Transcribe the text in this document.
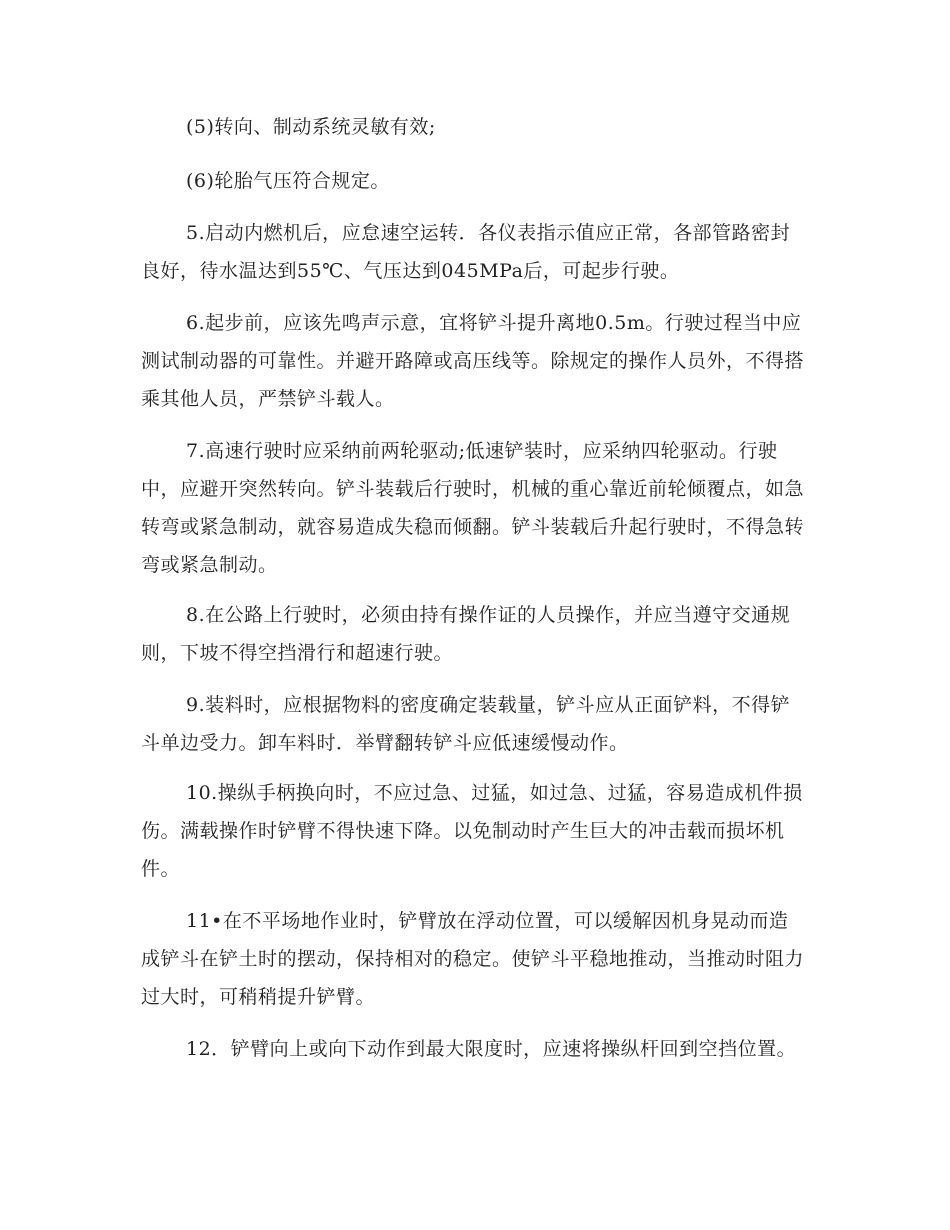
(5)转向、制动系统灵敏有效;

(6)轮胎气压符合规定。

5.启动内燃机后，应怠速空运转．各仪表指示值应正常，各部管路密封良好，待水温达到55℃、气压达到045MPa后，可起步行驶。

6.起步前，应该先鸣声示意，宜将铲斗提升离地0.5m。行驶过程当中应测试制动器的可靠性。并避开路障或高压线等。除规定的操作人员外，不得搭乘其他人员，严禁铲斗载人。

7.高速行驶时应采纳前两轮驱动;低速铲装时，应采纳四轮驱动。行驶中，应避开突然转向。铲斗装载后行驶时，机械的重心靠近前轮倾覆点，如急转弯或紧急制动，就容易造成失稳而倾翻。铲斗装载后升起行驶时，不得急转弯或紧急制动。

8.在公路上行驶时，必须由持有操作证的人员操作，并应当遵守交通规则，下坡不得空挡滑行和超速行驶。

9.装料时，应根据物料的密度确定装载量，铲斗应从正面铲料，不得铲斗单边受力。卸车料时．举臂翻转铲斗应低速缓慢动作。

10.操纵手柄换向时，不应过急、过猛，如过急、过猛，容易造成机件损伤。满载操作时铲臂不得快速下降。以免制动时产生巨大的冲击载而损坏机件。

11•在不平场地作业时，铲臂放在浮动位置，可以缓解因机身晃动而造成铲斗在铲土时的摆动，保持相对的稳定。使铲斗平稳地推动，当推动时阻力过大时，可稍稍提升铲臂。

12．铲臂向上或向下动作到最大限度时，应速将操纵杆回到空挡位置。
